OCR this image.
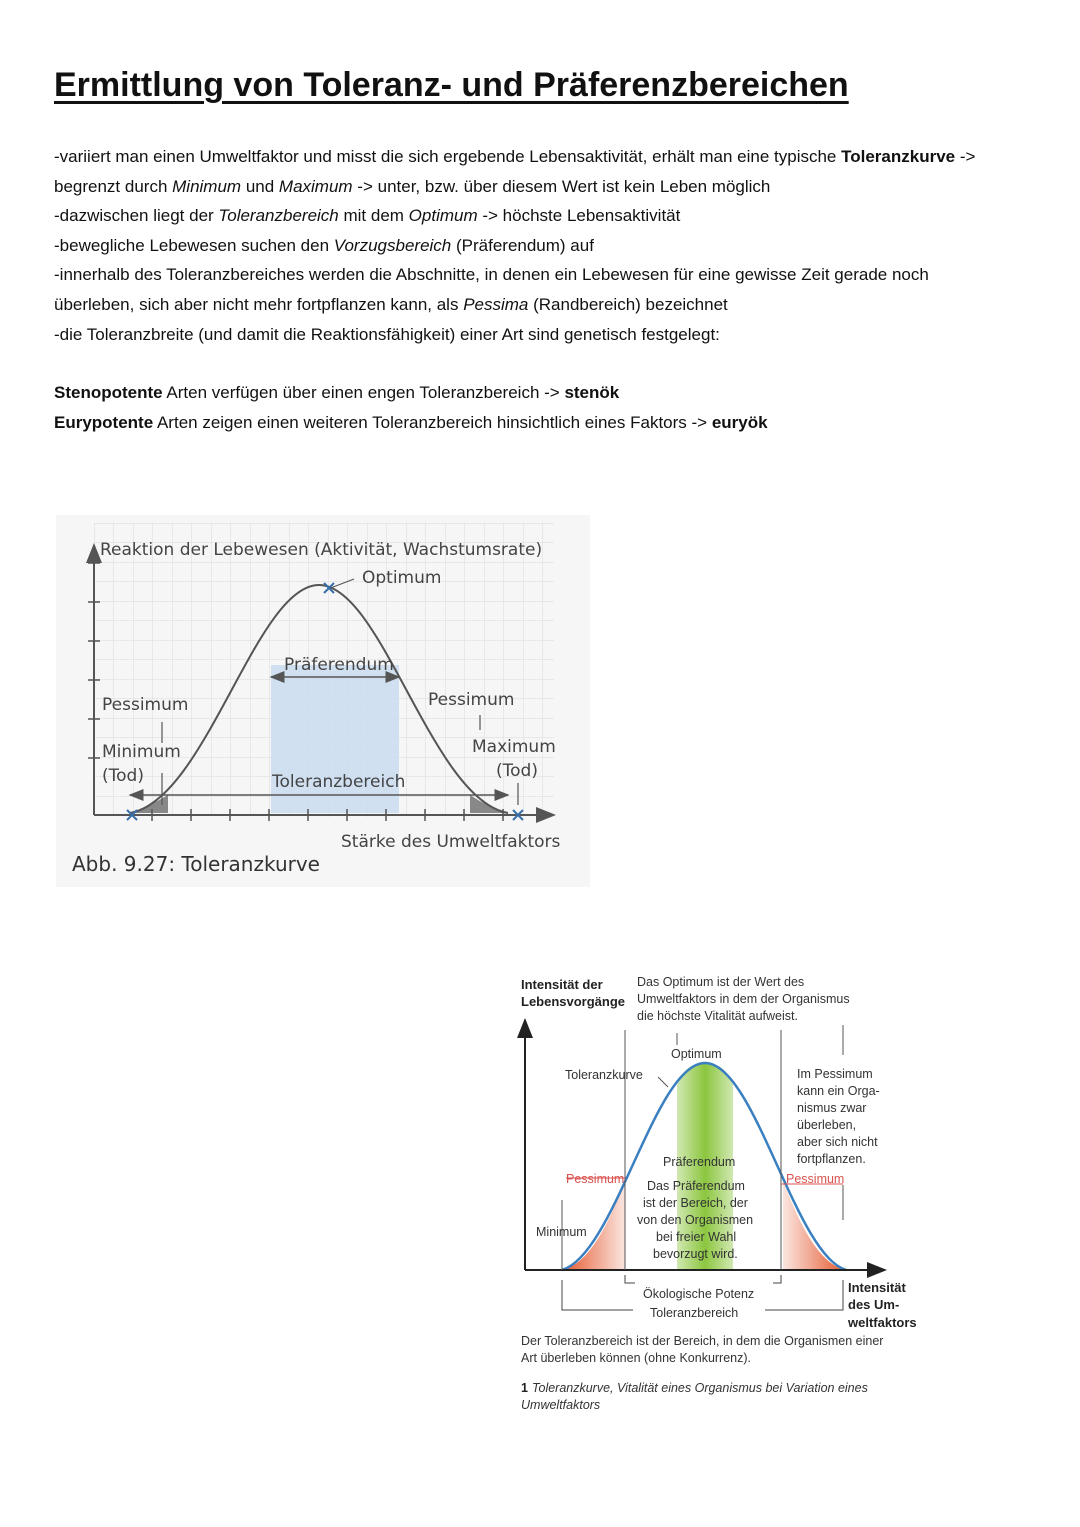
Ermittlung von Toleranz- und Präferenzbereichen

-variiert man einen Umweltfaktor und misst die sich ergebende Lebensaktivität, erhält man eine typische Toleranzkurve ->

begrenzt durch Minimum und Maximum -> unter, bzw. über diesem Wert ist kein Leben möglich

-dazwischen liegt der Toleranzbereich mit dem Optimum -> höchste Lebensaktivität

-bewegliche Lebewesen suchen den Vorzugsbereich (Präferendum) auf

-innerhalb des Toleranzbereiches werden die Abschnitte, in denen ein Lebewesen für eine gewisse Zeit gerade noch

überleben, sich aber nicht mehr fortpflanzen kann, als Pessima (Randbereich) bezeichnet

-die Toleranzbreite (und damit die Reaktionsfähigkeit) einer Art sind genetisch festgelegt:

Stenopotente Arten verfügen über einen engen Toleranzbereich -> stenök

Eurypotente Arten zeigen einen weiteren Toleranzbereich hinsichtlich eines Faktors -> euryök

Reaktion der Lebewesen (Aktivität, Wachstumsrate)
Optimum
Präferendum
Pessimum	Pessimum
Minimum
(Tod)
Maximum
(Tod)
Toleranzbereich
Stärke des Umweltfaktors
Abb. 9.27: Toleranzkurve
Intensität der
Lebensvorgänge
Das Optimum ist der Wert des
Umweltfaktors in dem der Organismus
die höchste Vitalität aufweist.
Optimum
Toleranzkurve	Im Pessimum
kann ein Orga-
nismus zwar
überleben,
aber sich nicht
fortpflanzen.
Präferendum
Pessimum	Pessimum
Das Präferendum
ist der Bereich, der
von den Organismen
bei freier Wahl
bevorzugt wird.
Minimum
Ökologische Potenz
Toleranzbereich
Intensität
des Um-
weltfaktors
Der Toleranzbereich ist der Bereich, in dem die Organismen einer
Art überleben können (ohne Konkurrenz).
1 Toleranzkurve, Vitalität eines Organismus bei Variation eines
Umweltfaktors
